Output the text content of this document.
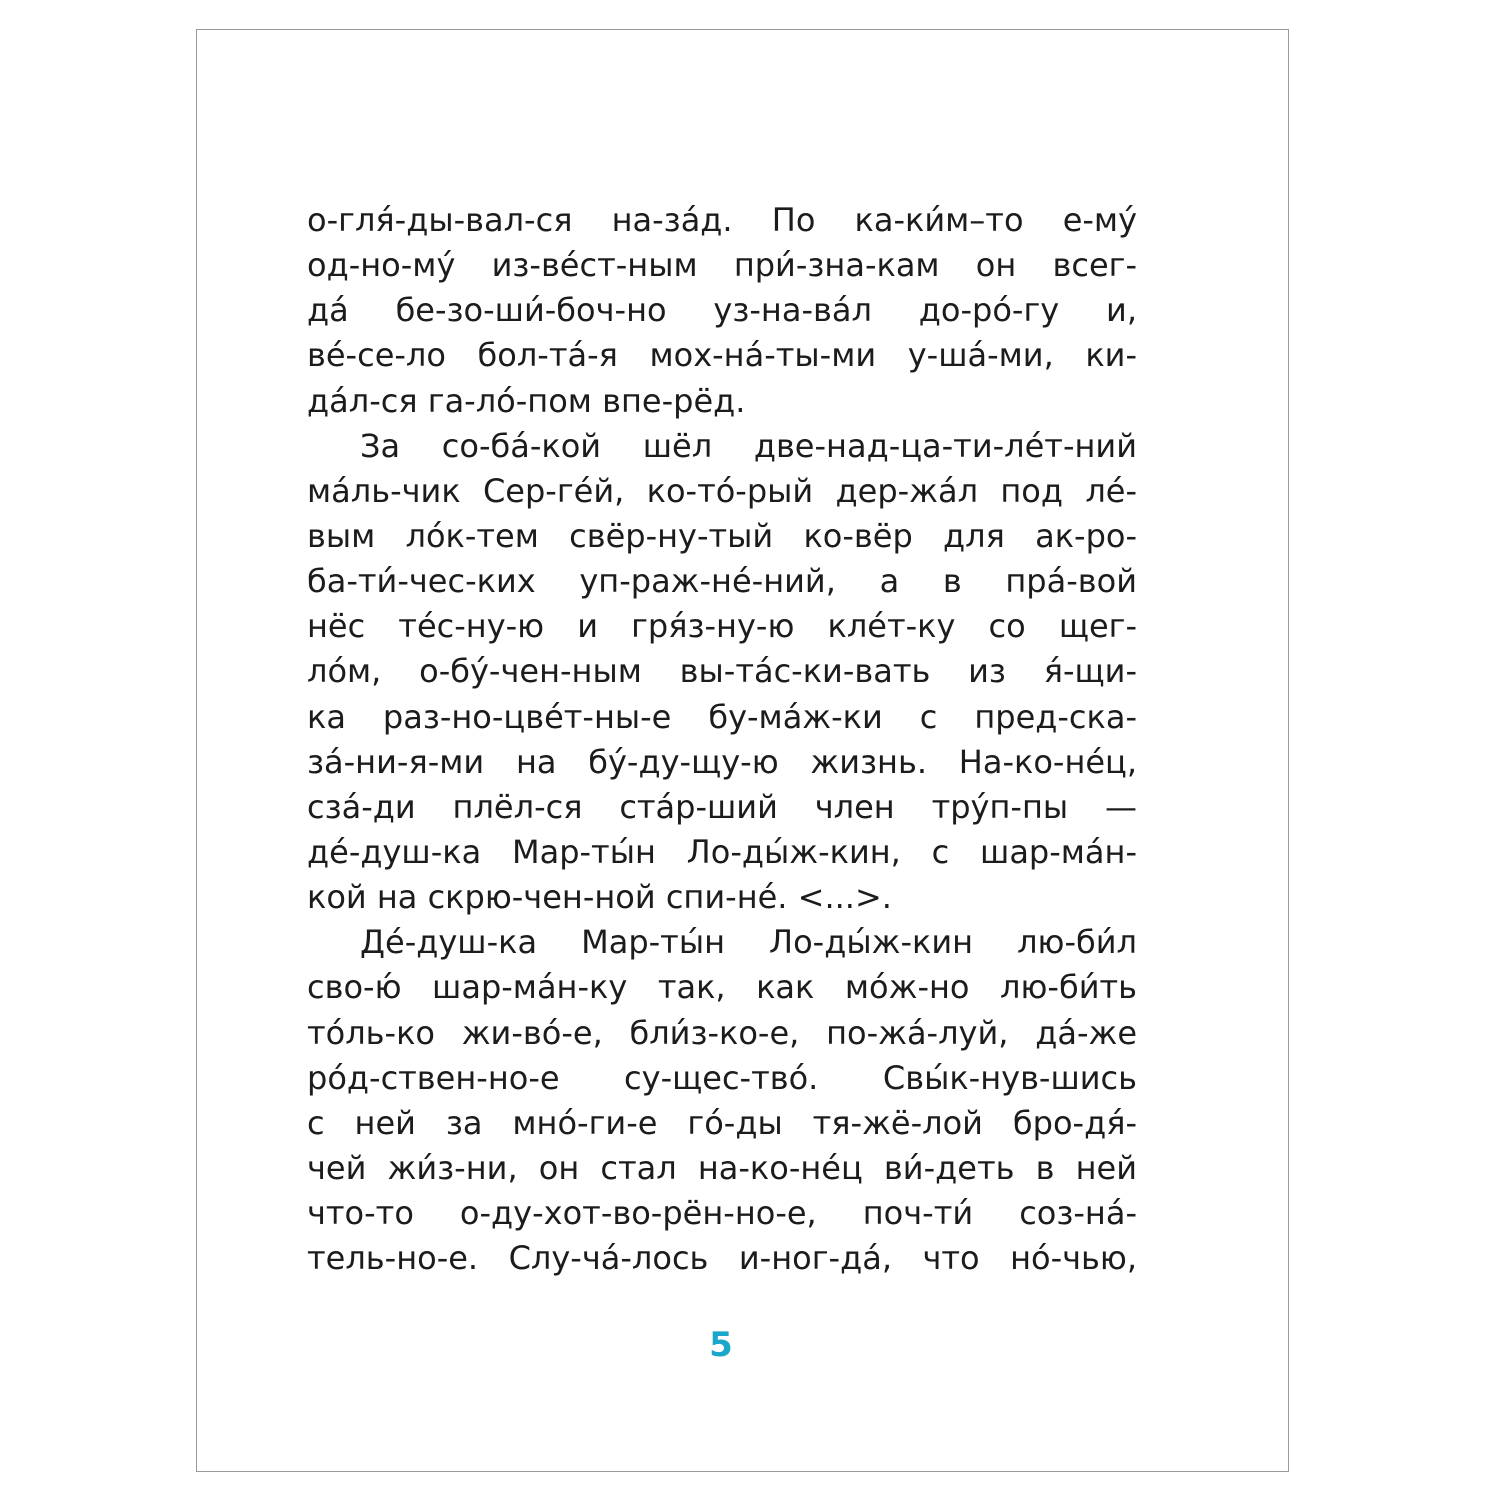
о-гля́-ды-вал-ся на-за́д. По ка-ки́м–то е-му́
од-но-му́ из-ве́ст-ным при́-зна-кам он всег-
да́ бе-зо-ши́-боч-но уз-на-ва́л до-ро́-гу и,
ве́-се-ло бол-та́-я мох-на́-ты-ми у-ша́-ми, ки-
да́л-ся га-ло́-пом впе-рёд.
За со-ба́-кой шёл две-над-ца-ти-ле́т-ний
ма́ль-чик Сер-ге́й, ко-то́-рый дер-жа́л под ле́-
вым ло́к-тем свёр-ну-тый ко-вёр для ак-ро-
ба-ти́-чес-ких уп-раж-не́-ний, а в пра́-вой
нёс те́с-ну-ю и гря́з-ну-ю кле́т-ку со щег-
ло́м, о-бу́-чен-ным вы-та́с-ки-вать из я́-щи-
ка раз-но-цве́т-ны-е бу-ма́ж-ки с пред-ска-
за́-ни-я-ми на бу́-ду-щу-ю жизнь. На-ко-не́ц,
сза́-ди плёл-ся ста́р-ший член тру́п-пы —
де́-душ-ка Мар-ты́н Ло-ды́ж-кин, с шар-ма́н-
кой на скрю-чен-ной спи-не́. <...>.
Де́-душ-ка Мар-ты́н Ло-ды́ж-кин лю-би́л
сво-ю́ шар-ма́н-ку так, как мо́ж-но лю-би́ть
то́ль-ко жи-во́-е, бли́з-ко-е, по-жа́-луй, да́-же
ро́д-ствен-но-е су-щес-тво́. Свы́к-нув-шись
с ней за мно́-ги-е го́-ды тя-жё-лой бро-дя́-
чей жи́з-ни, он стал на-ко-не́ц ви́-деть в ней
что-то о-ду-хот-во-рён-но-е, поч-ти́ соз-на́-
тель-но-е. Слу-ча́-лось и-ног-да́, что но́-чью,
5
